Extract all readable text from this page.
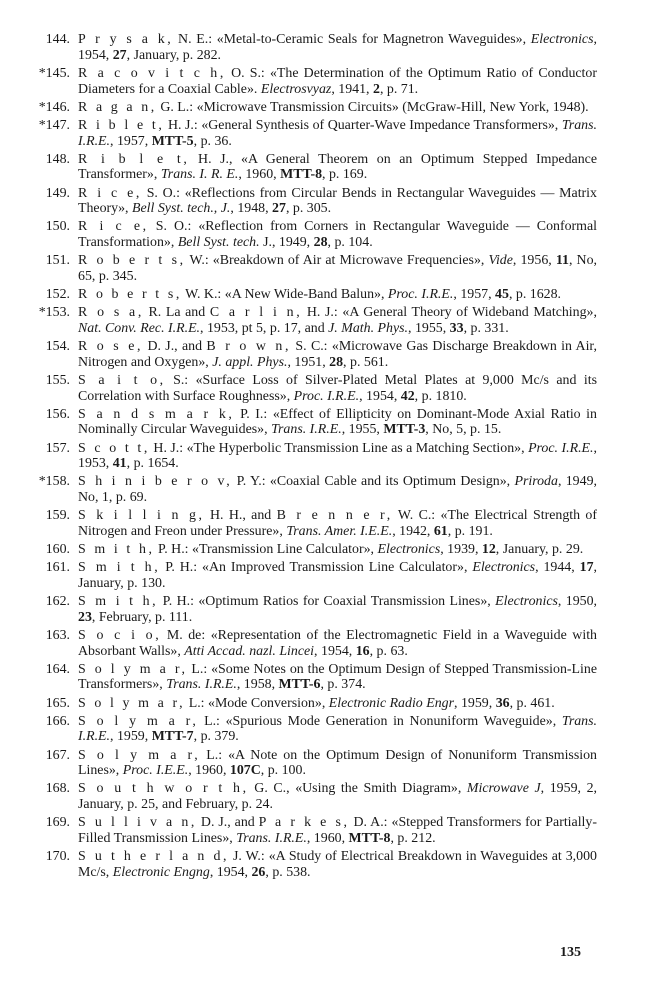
144. P r y s a k, N. E.: «Metal-to-Ceramic Seals for Magnetron Waveguides», Electronics, 1954, 27, January, p. 282.
*145. R a c o v i t c h, O. S.: «The Determination of the Optimum Ratio of Conductor Diameters for a Coaxial Cable». Electrosvyaz, 1941, 2, p. 71.
*146. R a g a n, G. L.: «Microwave Transmission Circuits» (McGraw-Hill, New York, 1948).
*147. R i b l e t, H. J.: «General Synthesis of Quarter-Wave Impedance Transformers», Trans. I.R.E., 1957, MTT-5, p. 36.
148. R i b l e t, H. J., «A General Theorem on an Optimum Stepped Impedance Transformer», Trans. I. R. E., 1960, MTT-8, p. 169.
149. R i c e, S. O.: «Reflections from Circular Bends in Rectangular Waveguides — Matrix Theory», Bell Syst. tech., J., 1948, 27, p. 305.
150. R i c e, S. O.: «Reflection from Corners in Rectangular Waveguide — Conformal Transformation», Bell Syst. tech. J., 1949, 28, p. 104.
151. R o b e r t s, W.: «Breakdown of Air at Microwave Frequencies», Vide, 1956, 11, No, 65, p. 345.
152. R o b e r t s, W. K.: «A New Wide-Band Balun», Proc. I.R.E., 1957, 45, p. 1628.
*153. R o s a, R. La and C a r l i n, H. J.: «A General Theory of Wideband Matching», Nat. Conv. Rec. I.R.E., 1953, pt 5, p. 17, and J. Math. Phys., 1955, 33, p. 331.
154. R o s e, D. J., and B r o w n, S. C.: «Microwave Gas Discharge Breakdown in Air, Nitrogen and Oxygen», J. appl. Phys., 1951, 28, p. 561.
155. S a i t o, S.: «Surface Loss of Silver-Plated Metal Plates at 9,000 Mc/s and its Correlation with Surface Roughness», Proc. I.R.E., 1954, 42, p. 1810.
156. S a n d s m a r k, P. I.: «Effect of Ellipticity on Dominant-Mode Axial Ratio in Nominally Circular Waveguides», Trans. I.R.E., 1955, MTT-3, No, 5, p. 15.
157. S c o t t, H. J.: «The Hyperbolic Transmission Line as a Matching Section», Proc. I.R.E., 1953, 41, p. 1654.
*158. S h i n i b e r o v, P. Y.: «Coaxial Cable and its Optimum Design», Priroda, 1949, No, 1, p. 69.
159. S k i l l i n g, H. H., and B r e n n e r, W. C.: «The Electrical Strength of Nitrogen and Freon under Pressure», Trans. Amer. I.E.E., 1942, 61, p. 191.
160. S m i t h, P. H.: «Transmission Line Calculator», Electronics, 1939, 12, January, p. 29.
161. S m i t h, P. H.: «An Improved Transmission Line Calculator», Electronics, 1944, 17, January, p. 130.
162. S m i t h, P. H.: «Optimum Ratios for Coaxial Transmission Lines», Electronics, 1950, 23, February, p. 111.
163. S o c i o, M. de: «Representation of the Electromagnetic Field in a Waveguide with Absorbant Walls», Atti Accad. nazl. Lincei, 1954, 16, p. 63.
164. S o l y m a r, L.: «Some Notes on the Optimum Design of Stepped Transmission-Line Transformers», Trans. I.R.E., 1958, MTT-6, p. 374.
165. S o l y m a r, L.: «Mode Conversion», Electronic Radio Engr, 1959, 36, p. 461.
166. S o l y m a r, L.: «Spurious Mode Generation in Nonuniform Waveguide», Trans. I.R.E., 1959, MTT-7, p. 379.
167. S o l y m a r, L.: «A Note on the Optimum Design of Nonuniform Transmission Lines», Proc. I.E.E., 1960, 107C, p. 100.
168. S o u t h w o r t h, G. C., «Using the Smith Diagram», Microwave J, 1959, 2, January, p. 25, and February, p. 24.
169. S u l l i v a n, D. J., and P a r k e s, D. A.: «Stepped Transformers for Partially-Filled Transmission Lines», Trans. I.R.E., 1960, MTT-8, p. 212.
170. S u t h e r l a n d, J. W.: «A Study of Electrical Breakdown in Waveguides at 3,000 Mc/s, Electronic Engng, 1954, 26, p. 538.
135
